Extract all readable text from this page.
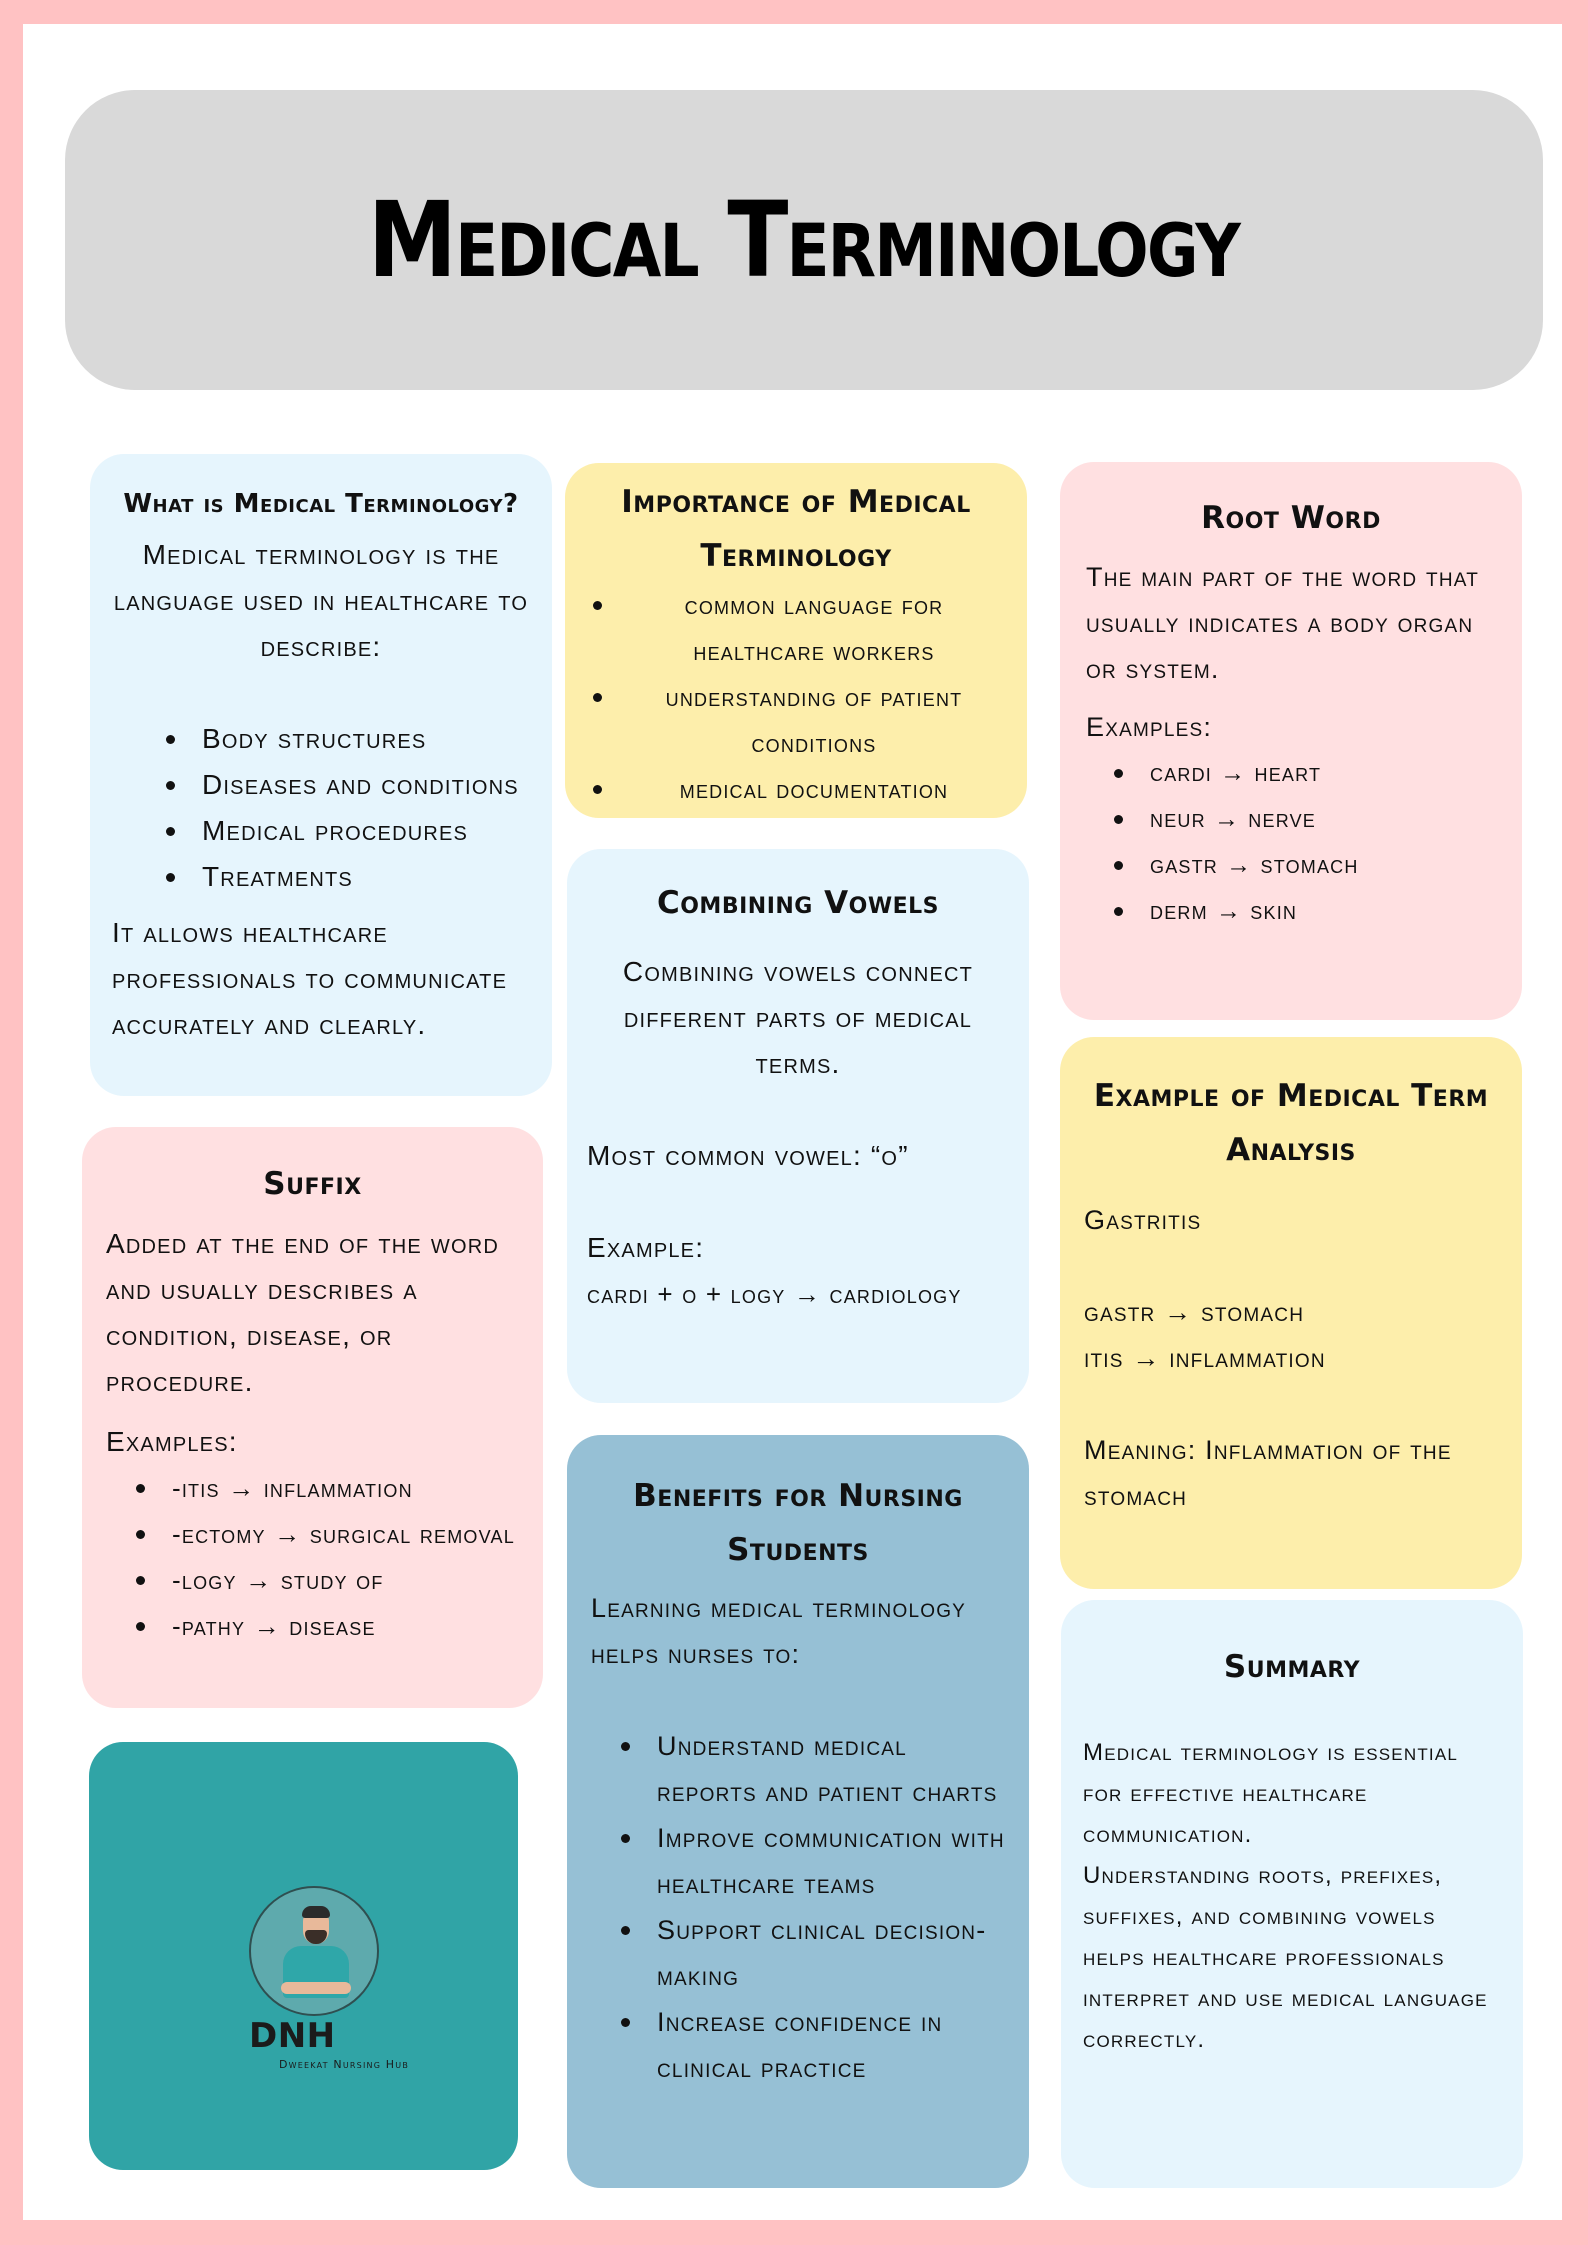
Medical Terminology
What is Medical Terminology?

Medical terminology is the language used in healthcare to describe:

Body structures
Diseases and conditions
Medical procedures
Treatments

It allows healthcare professionals to communicate accurately and clearly.

Importance of Medical Terminology
common language for healthcare workers
understanding of patient conditions
medical documentation
Combining Vowels

Combining vowels connect different parts of medical terms.

Most common vowel: “o”

Example:

cardi + o + logy → cardiology

Benefits for Nursing Students

Learning medical terminology helps nurses to:

Understand medical reports and patient charts
Improve communication with healthcare teams
Support clinical decision-making
Increase confidence in clinical practice
Suffix

Added at the end of the word and usually describes a condition, disease, or procedure.

Examples:

-itis → inflammation
-ectomy → surgical removal
-logy → study of
-pathy → disease
DNH
Dweekat Nursing Hub
Root Word

The main part of the word that usually indicates a body organ or system.

Examples:

cardi → heart
neur → nerve
gastr → stomach
derm → skin
Example of Medical Term Analysis

Gastritis

gastr → stomach

itis → inflammation

Meaning: Inflammation of the stomach

Summary

Medical terminology is essential for effective healthcare communication.

Understanding roots, prefixes, suffixes, and combining vowels helps healthcare professionals interpret and use medical language correctly.
